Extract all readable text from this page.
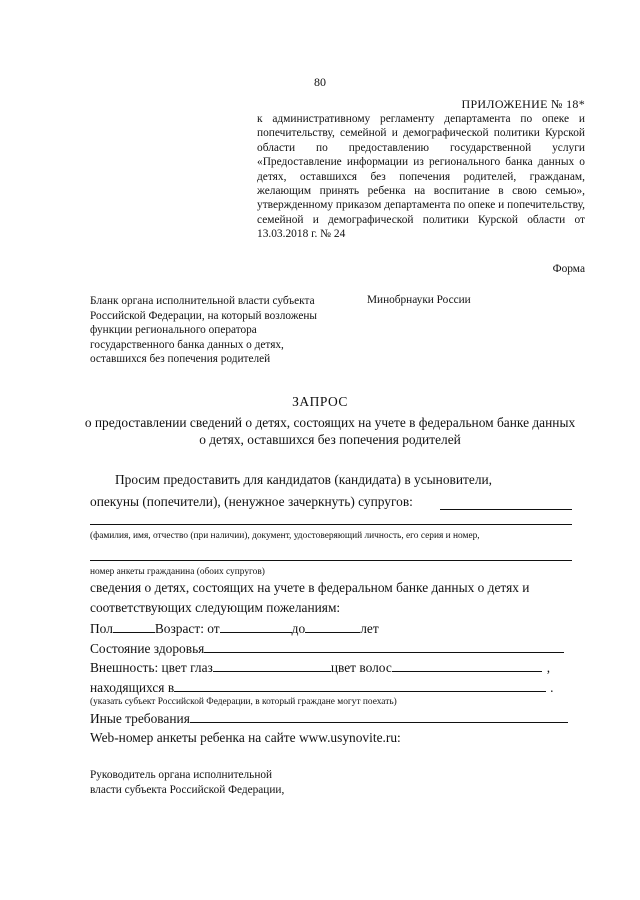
80
ПРИЛОЖЕНИЕ № 18*
к административному регламенту департамента по опеке и попечительству, семейной и демографической политики Курской области по предоставлению государственной услуги «Предоставление информации из регионального банка данных о детях, оставшихся без попечения родителей, гражданам, желающим принять ребенка на воспитание в свою семью», утвержденному приказом департамента по опеке и попечительству, семейной и демографической политики Курской области от 13.03.2018 г. № 24
Форма
Бланк органа исполнительной власти субъекта
Российской Федерации, на который возложены
функции регионального оператора
государственного банка данных о детях,
оставшихся без попечения родителей
Минобрнауки России
ЗАПРОС
о предоставлении сведений о детях, состоящих на учете в федеральном банке данных о детях, оставшихся без попечения родителей
Просим предоставить для кандидатов (кандидата) в усыновители,
опекуны (попечители), (ненужное зачеркнуть) супругов:
(фамилия, имя, отчество (при наличии), документ, удостоверяющий личность, его серия и номер,
номер анкеты гражданина (обоих супругов)
сведения о детях, состоящих на учете в федеральном банке данных о детях и
соответствующих следующим пожеланиям:
Пол	Возраст: от	до	лет
Состояние здоровья
Внешность: цвет глаз	цвет волос	,
находящихся в	.
(указать субъект Российской Федерации, в который граждане могут поехать)
Иные требования
Web-номер анкеты ребенка на сайте www.usynovite.ru:
Руководитель органа исполнительной
власти субъекта Российской Федерации,
